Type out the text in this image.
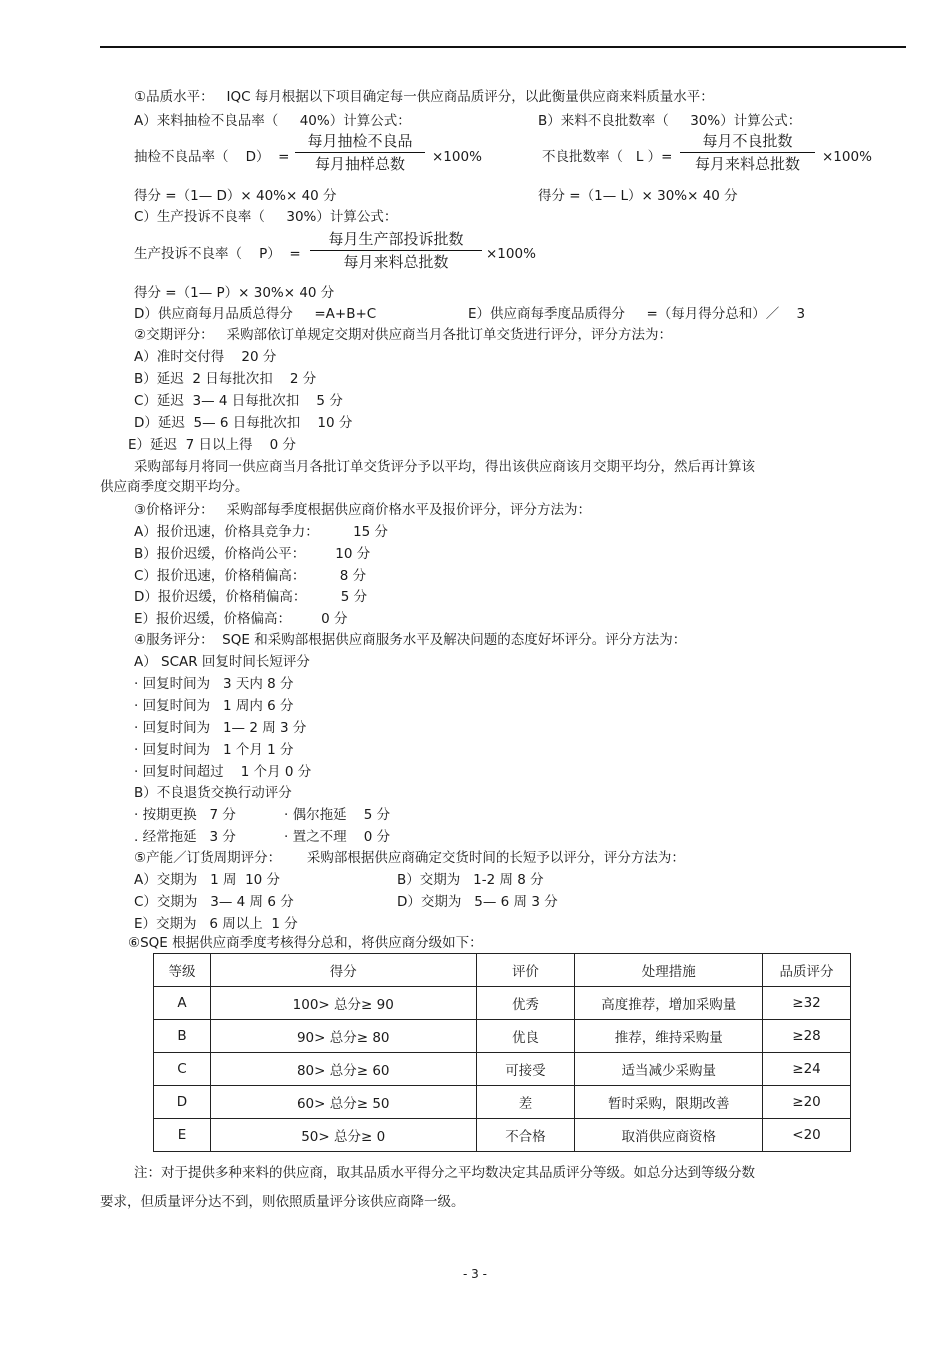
①品质水平：   IQC 每月根据以下项目确定每一供应商品质评分，以此衡量供应商来料质量水平：
A）来料抽检不良品率（     40%）计算公式：	B）来料不良批数率（     30%）计算公式：
抽检不良品率（    D）  =
每月抽检不良品
每月抽样总数	×100%	不良批数率（   L ）=
每月不良批数
每月来料总批数	×100%
得分 =（1— D）× 40%× 40 分	得分 =（1— L）× 30%× 40 分
C）生产投诉不良率（     30%）计算公式：
生产投诉不良率（    P）  =
每月生产部投诉批数
每月来料总批数	×100%
得分 =（1— P）× 30%× 40 分
D）供应商每月品质总得分     =A+B+C	E）供应商每季度品质得分     =（每月得分总和）／    3
②交期评分：   采购部依订单规定交期对供应商当月各批订单交货进行评分，评分方法为：
A）准时交付得    20 分
B）延迟  2 日每批次扣    2 分
C）延迟  3— 4 日每批次扣    5 分
D）延迟  5— 6 日每批次扣    10 分
E）延迟  7 日以上得    0 分
采购部每月将同一供应商当月各批订单交货评分予以平均，得出该供应商该月交期平均分，然后再计算该
供应商季度交期平均分。
③价格评分：   采购部每季度根据供应商价格水平及报价评分，评分方法为：
A）报价迅速，价格具竞争力：        15 分
B）报价迟缓，价格尚公平：       10 分
C）报价迅速，价格稍偏高：        8 分
D）报价迟缓，价格稍偏高：        5 分
E）报价迟缓，价格偏高：       0 分
④服务评分：  SQE 和采购部根据供应商服务水平及解决问题的态度好坏评分。评分方法为：
A） SCAR 回复时间长短评分
· 回复时间为   3 天内 8 分
· 回复时间为   1 周内 6 分
· 回复时间为   1— 2 周 3 分
· 回复时间为   1 个月 1 分
· 回复时间超过    1 个月 0 分
B）不良退货交换行动评分
· 按期更换   7 分	· 偶尔拖延    5 分
. 经常拖延   3 分	· 置之不理    0 分
⑤产能／订货周期评分：      采购部根据供应商确定交货时间的长短予以评分，评分方法为：
A）交期为   1 周  10 分	B）交期为   1-2 周 8 分
C）交期为   3— 4 周 6 分	D）交期为   5— 6 周 3 分
E）交期为   6 周以上  1 分
⑥SQE 根据供应商季度考核得分总和，将供应商分级如下：
等级	得分	评价	处理措施	品质评分
A	100> 总分≥ 90	优秀	高度推荐，增加采购量	≥32
B	90> 总分≥ 80	优良	推荐，维持采购量	≥28
C	80> 总分≥ 60	可接受	适当减少采购量	≥24
D	60> 总分≥ 50	差	暂时采购，限期改善	≥20
E	50> 总分≥ 0	不合格	取消供应商资格	<20
注：对于提供多种来料的供应商，取其品质水平得分之平均数决定其品质评分等级。如总分达到等级分数
要求，但质量评分达不到，则依照质量评分该供应商降一级。
- 3 -
